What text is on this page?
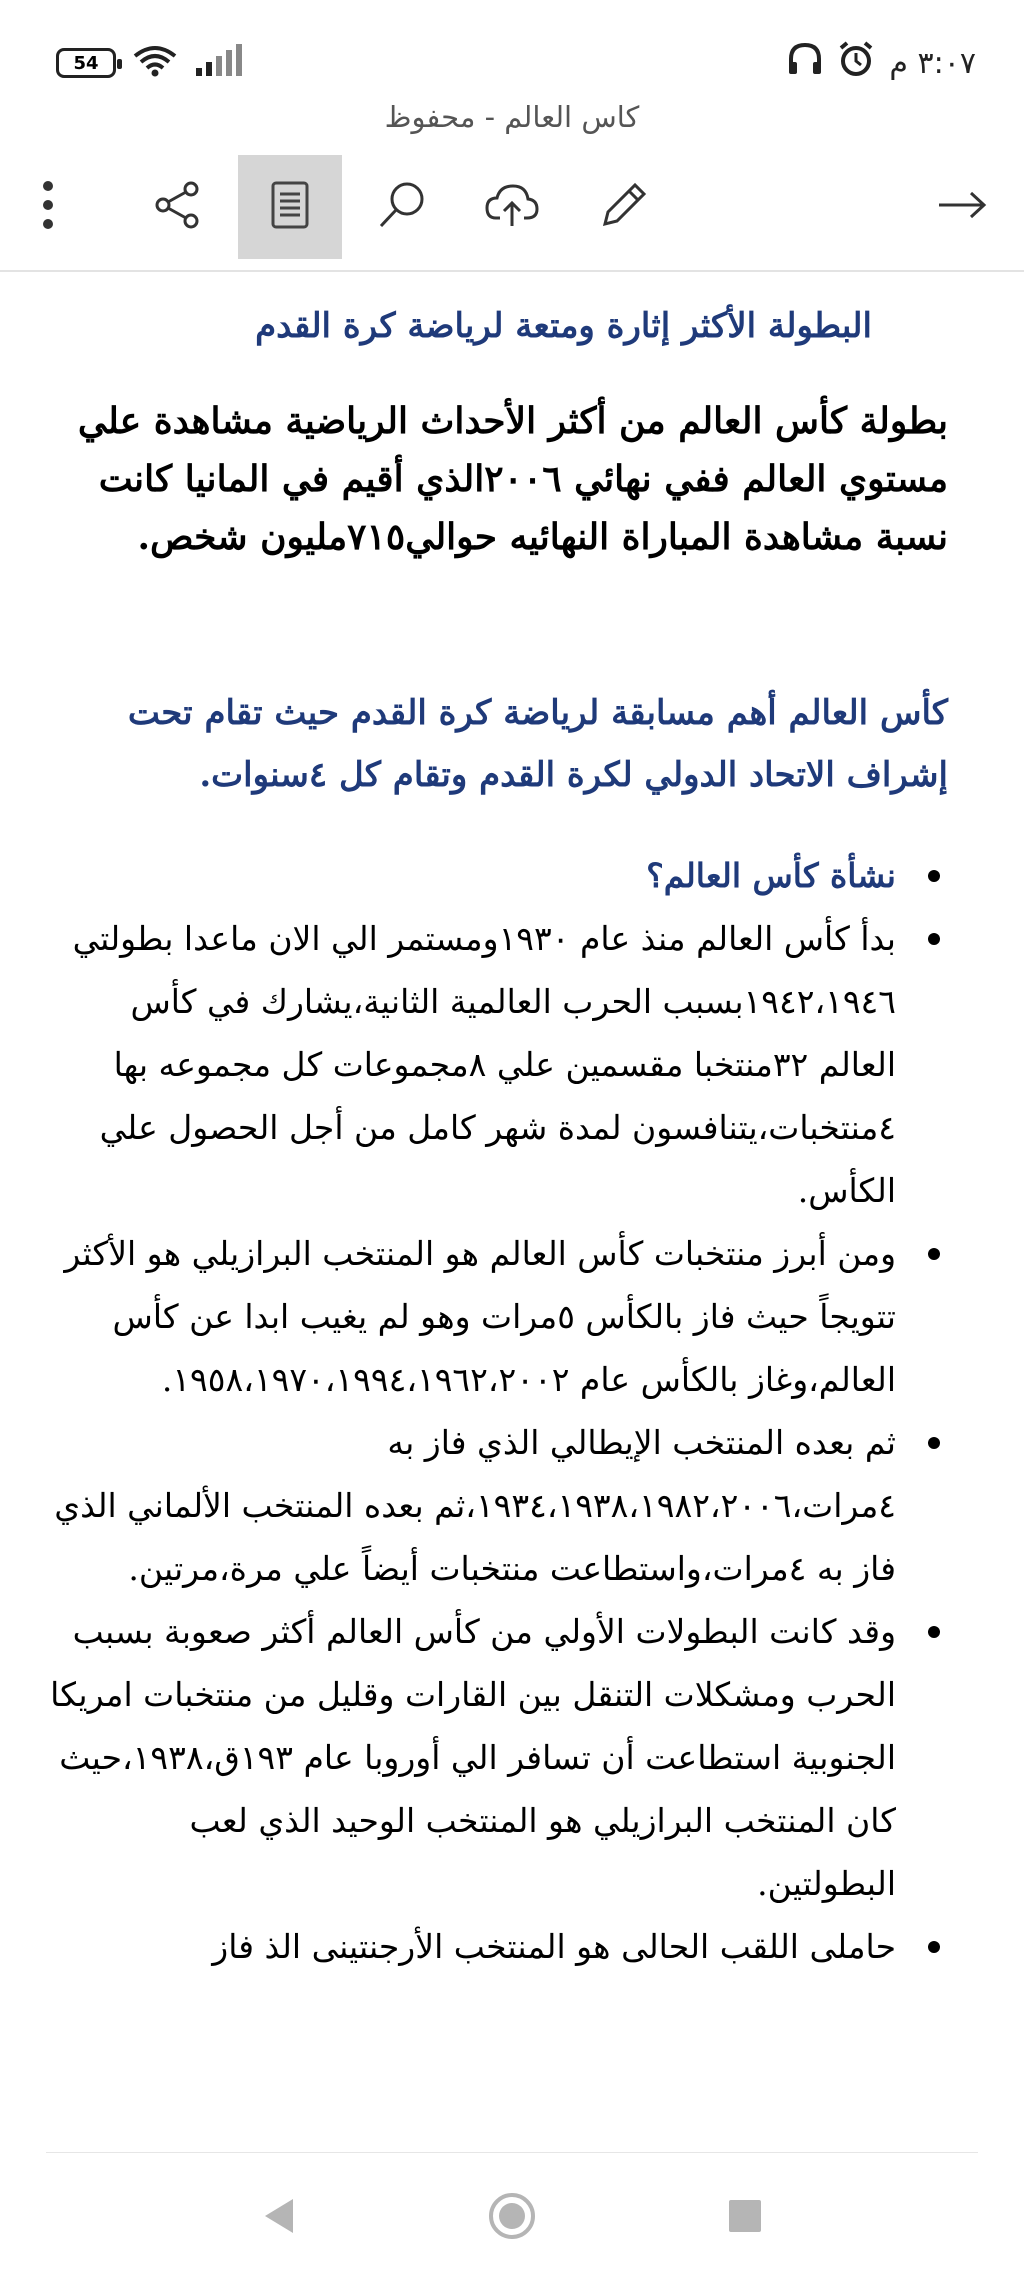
54	٣:٠٧ م
كاس العالم - محفوظ
البطولة الأكثر إثارة ومتعة لرياضة كرة القدم
بطولة كأس العالم من أكثر الأحداث الرياضية مشاهدة علي مستوي العالم ففي نهائي ٢٠٠٦الذي أقيم في المانيا كانت نسبة مشاهدة المباراة النهائيه حوالي٧١٥مليون شخص.
كأس العالم أهم مسابقة لرياضة كرة القدم حيث تقام تحت إشراف الاتحاد الدولي لكرة القدم وتقام كل ٤سنوات.
نشأة كأس العالم؟
بدأ كأس العالم منذ عام ١٩٣٠ومستمر الي الان ماعدا بطولتي ١٩٤٢،١٩٤٦بسبب الحرب العالمية الثانية،يشارك في كأس العالم ٣٢منتخبا مقسمين علي ٨مجموعات كل مجموعه بها ٤منتخبات،يتنافسون لمدة شهر كامل من أجل الحصول علي الكأس.
ومن أبرز منتخبات كأس العالم هو المنتخب البرازيلي هو الأكثر تتويجاً حيث فاز بالكأس ٥مرات وهو لم يغيب ابدا عن كأس العالم،وغاز بالكأس عام ١٩٥٨،١٩٧٠،١٩٩٤،١٩٦٢،٢٠٠٢.
ثم بعده المنتخب الإيطالي الذي فاز به ٤مرات،١٩٣٤،١٩٣٨،١٩٨٢،٢٠٠٦،ثم بعده المنتخب الألماني الذي فاز به ٤مرات،واستطاعت منتخبات أيضاً علي مرة،مرتين.
وقد كانت البطولات الأولي من كأس العالم أكثر صعوبة بسبب الحرب ومشكلات التنقل بين القارات وقليل من منتخبات امريكا الجنوبية استطاعت أن تسافر الي أوروبا عام ١٩٣ق،١٩٣٨،حيث كان المنتخب البرازيلي هو المنتخب الوحيد الذي لعب البطولتين.
حاملى اللقب الحالى هو المنتخب الأرجنتينى الذ فاز
